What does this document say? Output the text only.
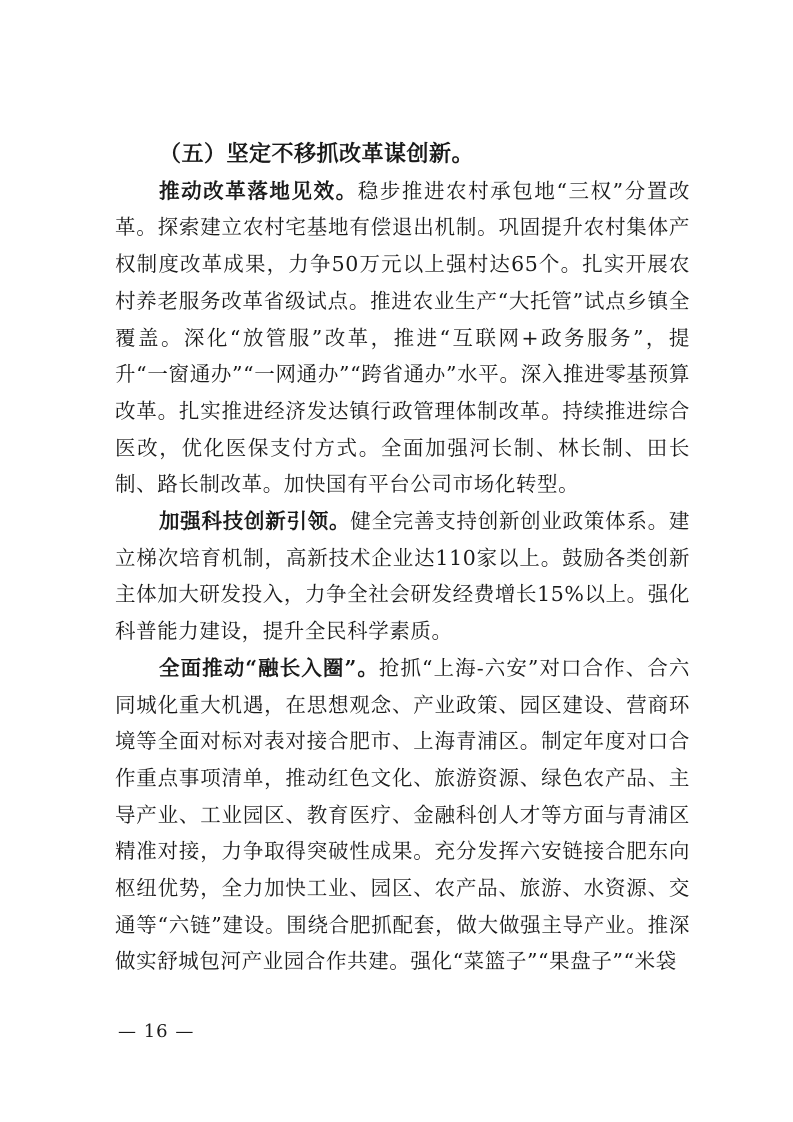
（五）坚定不移抓改革谋创新。

推动改革落地见效。稳步推进农村承包地“三权”分置改革。探索建立农村宅基地有偿退出机制。巩固提升农村集体产权制度改革成果，力争50万元以上强村达65个。扎实开展农村养老服务改革省级试点。推进农业生产“大托管”试点乡镇全覆盖。深化“放管服”改革，推进“互联网+政务服务”，提升“一窗通办”“一网通办”“跨省通办”水平。深入推进零基预算改革。扎实推进经济发达镇行政管理体制改革。持续推进综合医改，优化医保支付方式。全面加强河长制、林长制、田长制、路长制改革。加快国有平台公司市场化转型。

加强科技创新引领。健全完善支持创新创业政策体系。建立梯次培育机制，高新技术企业达110家以上。鼓励各类创新主体加大研发投入，力争全社会研发经费增长15%以上。强化科普能力建设，提升全民科学素质。

全面推动“融长入圈”。抢抓“上海-六安”对口合作、合六同城化重大机遇，在思想观念、产业政策、园区建设、营商环境等全面对标对表对接合肥市、上海青浦区。制定年度对口合作重点事项清单，推动红色文化、旅游资源、绿色农产品、主导产业、工业园区、教育医疗、金融科创人才等方面与青浦区精准对接，力争取得突破性成果。充分发挥六安链接合肥东向枢纽优势，全力加快工业、园区、农产品、旅游、水资源、交通等“六链”建设。围绕合肥抓配套，做大做强主导产业。推深做实舒城包河产业园合作共建。强化“菜篮子”“果盘子”“米袋

— 16 —
